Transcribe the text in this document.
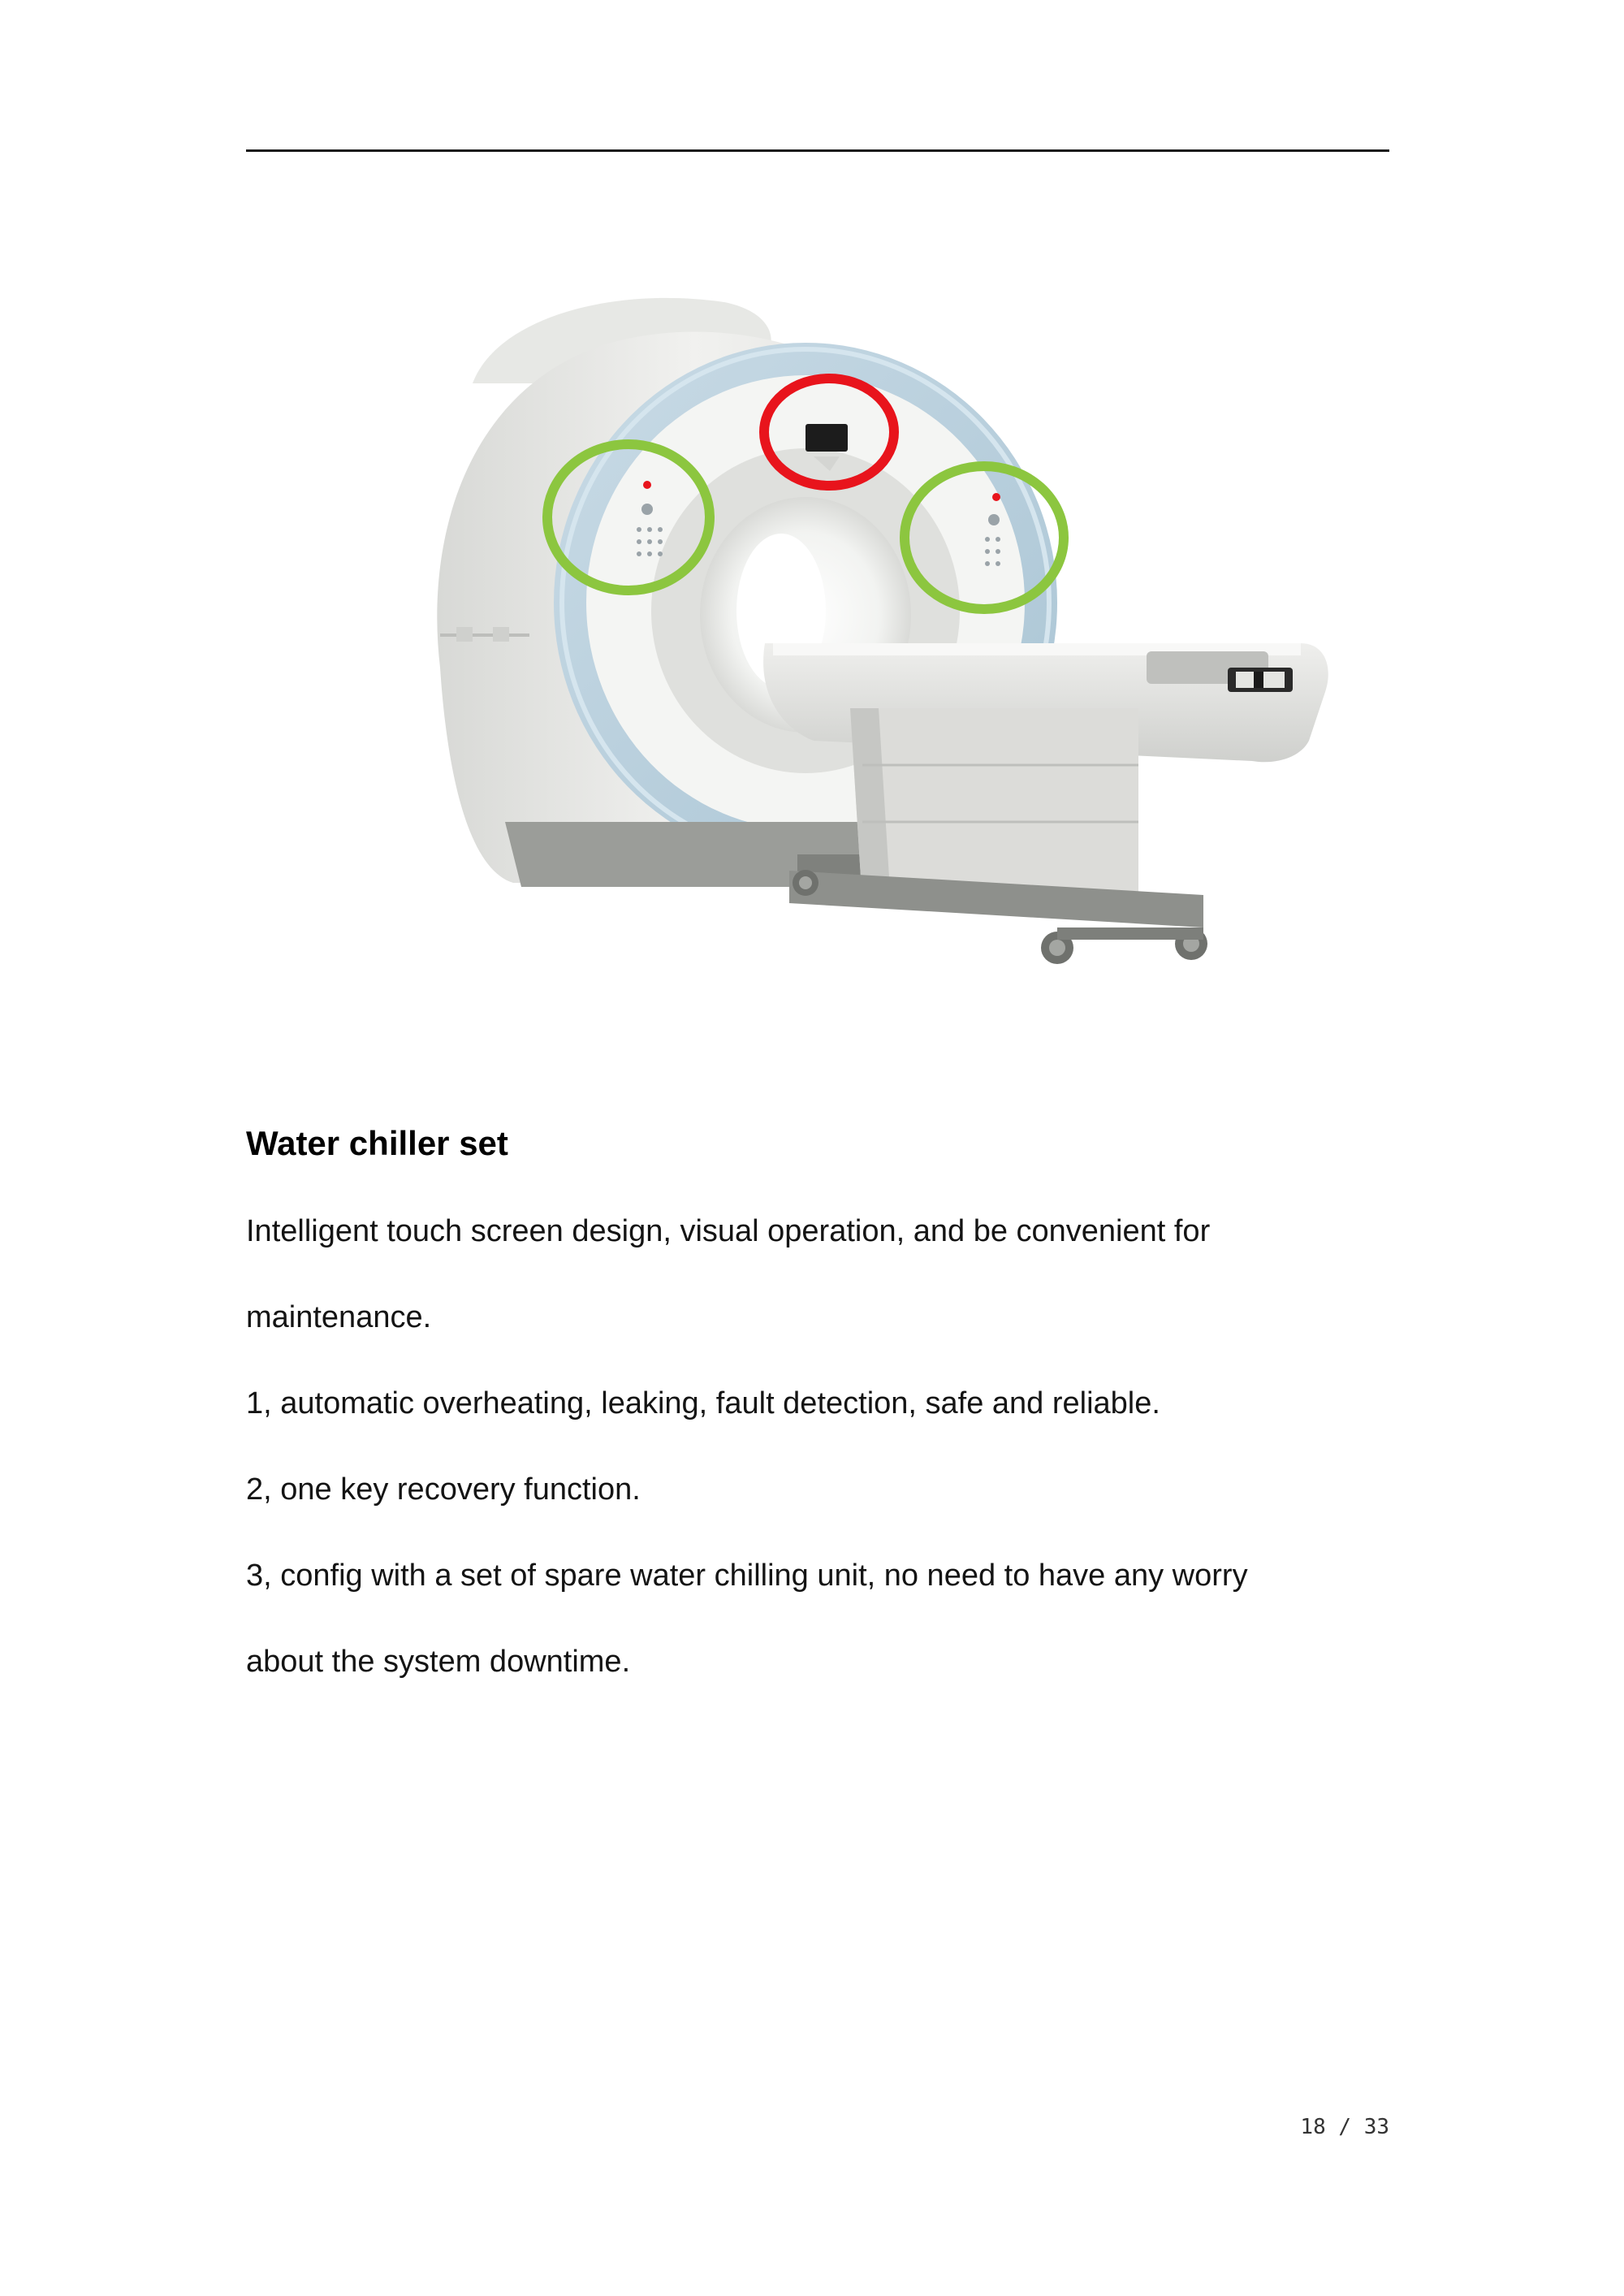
Water chiller set

Intelligent touch screen design, visual operation, and be convenient for

maintenance.

1, automatic overheating, leaking, fault detection, safe and reliable.

2, one key recovery function.

3, config with a set of spare water chilling unit, no need to have any worry

about the system downtime.

18 / 33
